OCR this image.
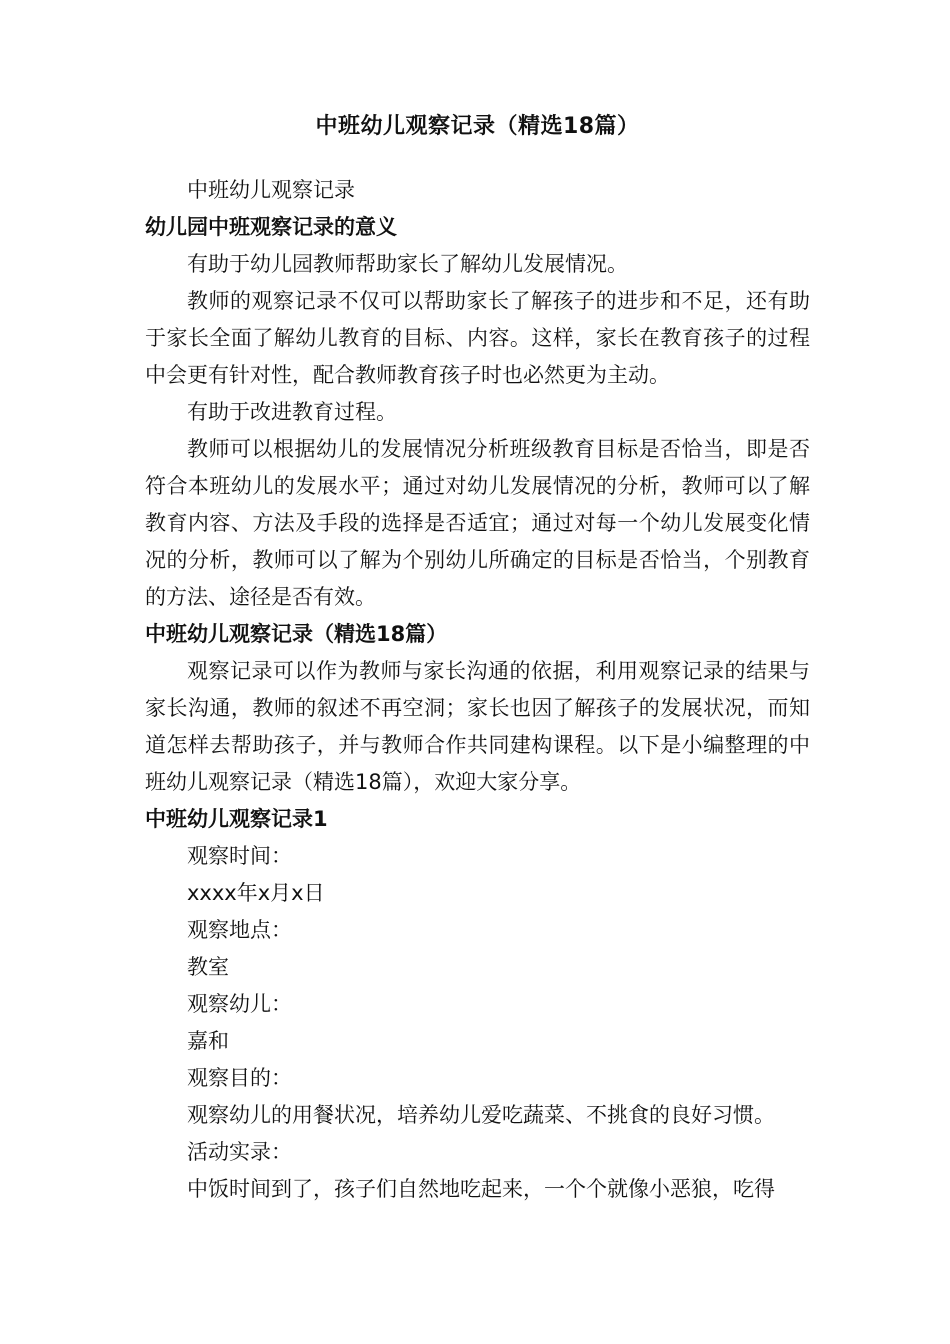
中班幼儿观察记录（精选18篇）

中班幼儿观察记录

幼儿园中班观察记录的意义

有助于幼儿园教师帮助家长了解幼儿发展情况。

教师的观察记录不仅可以帮助家长了解孩子的进步和不足，还有助于家长全面了解幼儿教育的目标、内容。这样，家长在教育孩子的过程中会更有针对性，配合教师教育孩子时也必然更为主动。

有助于改进教育过程。

教师可以根据幼儿的发展情况分析班级教育目标是否恰当，即是否符合本班幼儿的发展水平；通过对幼儿发展情况的分析，教师可以了解教育内容、方法及手段的选择是否适宜；通过对每一个幼儿发展变化情况的分析，教师可以了解为个别幼儿所确定的目标是否恰当，个别教育的方法、途径是否有效。

中班幼儿观察记录（精选18篇）

观察记录可以作为教师与家长沟通的依据，利用观察记录的结果与家长沟通，教师的叙述不再空洞；家长也因了解孩子的发展状况，而知道怎样去帮助孩子，并与教师合作共同建构课程。以下是小编整理的中班幼儿观察记录（精选18篇），欢迎大家分享。

中班幼儿观察记录1

观察时间：

xxxx年x月x日

观察地点：

教室

观察幼儿：

嘉和

观察目的：

观察幼儿的用餐状况，培养幼儿爱吃蔬菜、不挑食的良好习惯。

活动实录：

中饭时间到了，孩子们自然地吃起来，一个个就像小恶狼，吃得
